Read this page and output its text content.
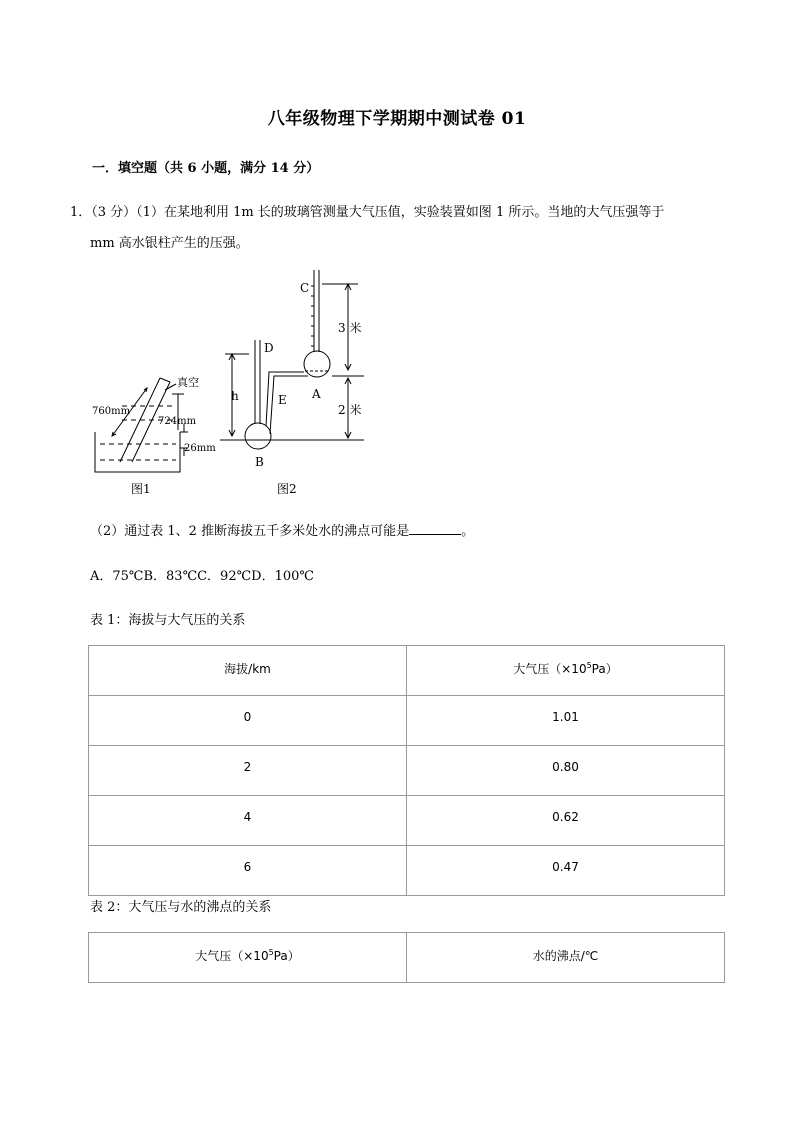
八年级物理下学期期中测试卷 01
一．填空题（共 6 小题，满分 14 分）
1．（3 分）（1）在某地利用 1m 长的玻璃管测量大气压值，实验装置如图 1 所示。当地的大气压强等于
mm 高水银柱产生的压强。
真空
760mm
724mm
26mm
图1
C
D
E A
B
h
3 米
2 米
图2
（2）通过表 1、2 推断海拔五千多米处水的沸点可能是	。
A．75℃B．83℃C．92℃D．100℃
表 1：海拔与大气压的关系
海拔/km	大气压$(\times 10^5Pa)$
0	1.01
2	0.80
4	0.62
6	0.47
表 2：大气压与水的沸点的关系
大气压$(\times 10^5Pa)$	水的沸点/℃
